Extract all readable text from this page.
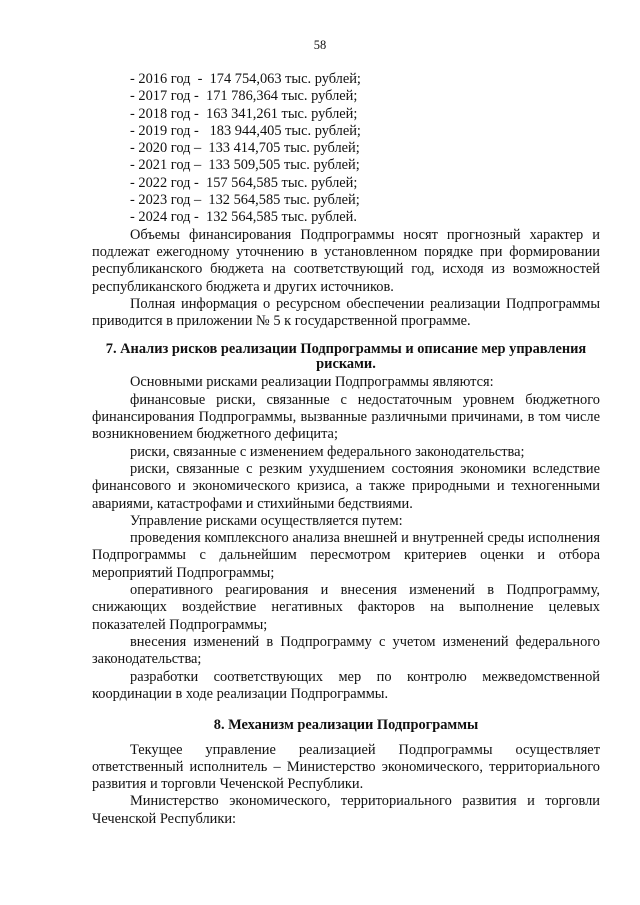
58
- 2016 год  -  174 754,063 тыс. рублей;
- 2017 год -  171 786,364 тыс. рублей;
- 2018 год -  163 341,261 тыс. рублей;
- 2019 год -   183 944,405 тыс. рублей;
- 2020 год –  133 414,705 тыс. рублей;
- 2021 год –  133 509,505 тыс. рублей;
- 2022 год -  157 564,585 тыс. рублей;
- 2023 год –  132 564,585 тыс. рублей;
- 2024 год -  132 564,585 тыс. рублей.

Объемы финансирования Подпрограммы носят прогнозный характер и подлежат ежегодному уточнению в установленном порядке при формировании республиканского бюджета на соответствующий год, исходя из возможностей республиканского бюджета и других источников.

Полная информация о ресурсном обеспечении реализации Подпрограммы приводится в приложении № 5 к государственной программе.

7. Анализ рисков реализации Подпрограммы и описание мер управления рисками.

Основными рисками реализации Подпрограммы являются:

финансовые риски, связанные с недостаточным уровнем бюджетного финансирования Подпрограммы, вызванные различными причинами, в том числе возникновением бюджетного дефицита;

риски, связанные с изменением федерального законодательства;

риски, связанные с резким ухудшением состояния экономики вследствие финансового и экономического кризиса, а также природными и техногенными авариями, катастрофами и стихийными бедствиями.

Управление рисками осуществляется путем:

проведения комплексного анализа внешней и внутренней среды исполнения Подпрограммы с дальнейшим пересмотром критериев оценки и отбора мероприятий Подпрограммы;

оперативного реагирования и внесения изменений в Подпрограмму, снижающих воздействие негативных факторов на выполнение целевых показателей Подпрограммы;

внесения изменений в Подпрограмму с учетом изменений федерального законодательства;

разработки соответствующих мер по контролю межведомственной координации в ходе реализации Подпрограммы.

8. Механизм реализации Подпрограммы

Текущее управление реализацией Подпрограммы осуществляет ответственный исполнитель – Министерство экономического, территориального развития и торговли Чеченской Республики.

Министерство экономического, территориального развития и торговли Чеченской Республики:
